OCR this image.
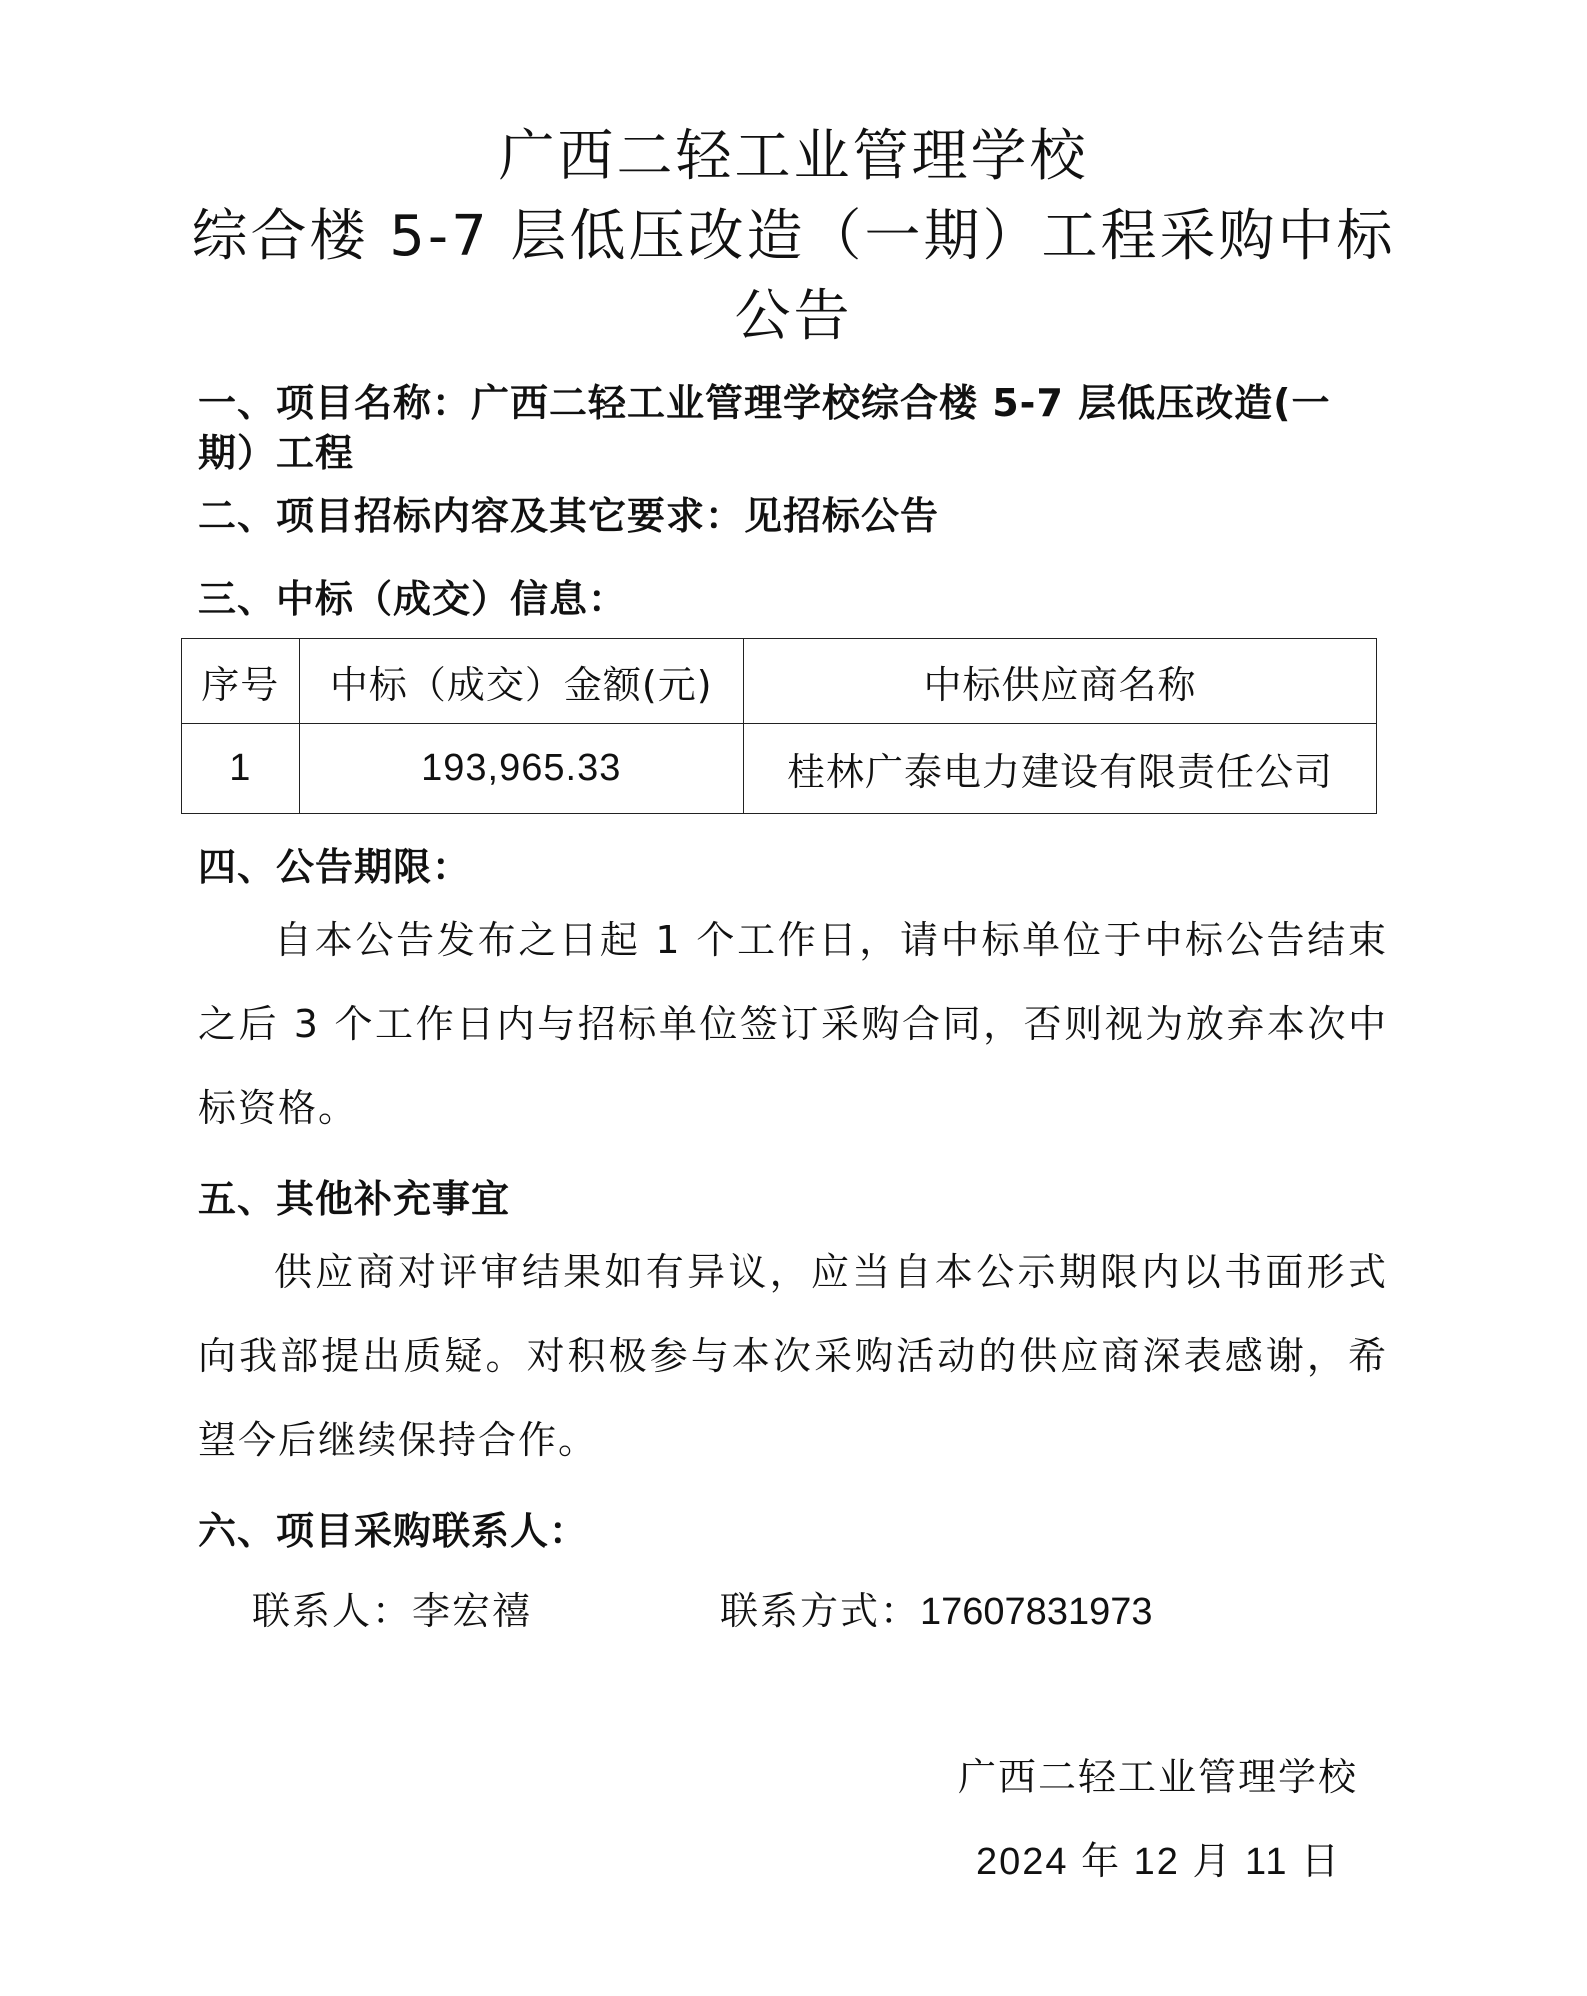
广西二轻工业管理学校
综合楼 5-7 层低压改造（一期）工程采购中标
公告
一、项目名称：广西二轻工业管理学校综合楼 5-7 层低压改造(一
期）工程
二、项目招标内容及其它要求：见招标公告
三、中标（成交）信息：
序号	中标（成交）金额(元)	中标供应商名称
1	193,965.33	桂林广泰电力建设有限责任公司
四、公告期限：
自本公告发布之日起 1 个工作日，请中标单位于中标公告结束之后 3 个工作日内与招标单位签订采购合同，否则视为放弃本次中标资格。
五、其他补充事宜
供应商对评审结果如有异议，应当自本公示期限内以书面形式向我部提出质疑。对积极参与本次采购活动的供应商深表感谢，希望今后继续保持合作。
六、项目采购联系人：
联系人：李宏禧	联系方式：17607831973
广西二轻工业管理学校
2024 年 12 月 11 日
